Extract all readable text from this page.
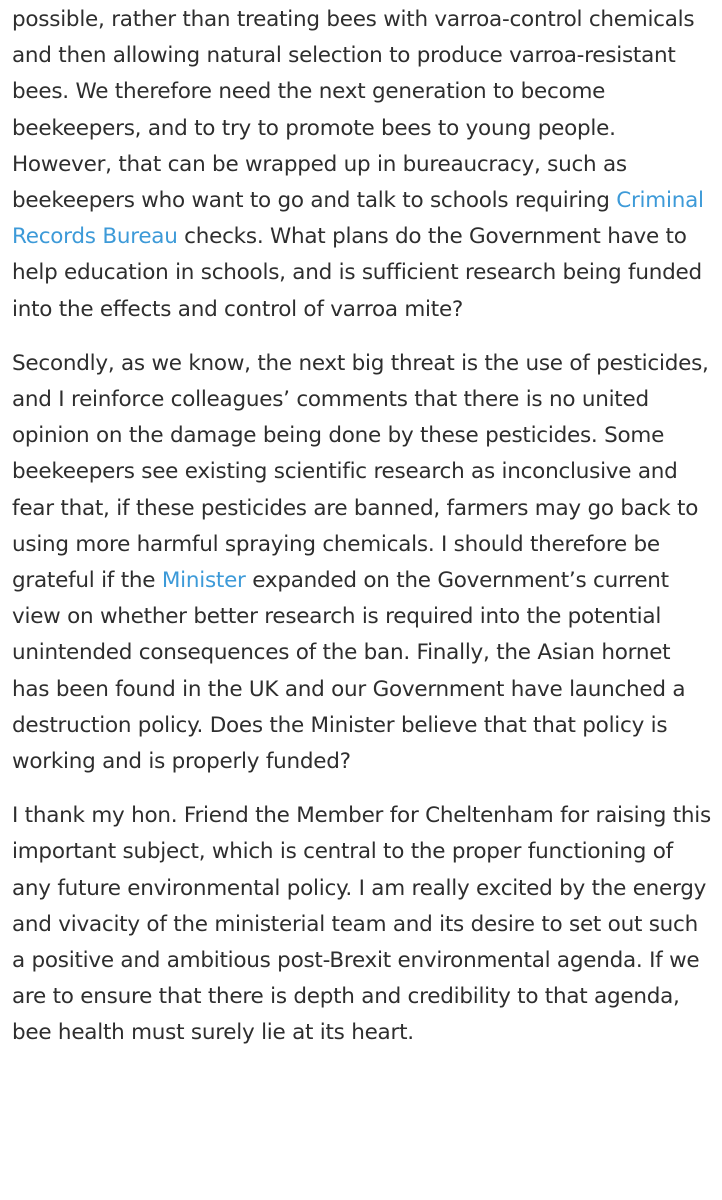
possible, rather than treating bees with varroa-control chemicals and then allowing natural selection to produce varroa-resistant bees. We therefore need the next generation to become beekeepers, and to try to promote bees to young people. However, that can be wrapped up in bureaucracy, such as beekeepers who want to go and talk to schools requiring Criminal Records Bureau checks. What plans do the Government have to help education in schools, and is sufficient research being funded into the effects and control of varroa mite?

Secondly, as we know, the next big threat is the use of pesticides, and I reinforce colleagues’ comments that there is no united opinion on the damage being done by these pesticides. Some beekeepers see existing scientific research as inconclusive and fear that, if these pesticides are banned, farmers may go back to using more harmful spraying chemicals. I should therefore be grateful if the Minister expanded on the Government’s current view on whether better research is required into the potential unintended consequences of the ban. Finally, the Asian hornet has been found in the UK and our Government have launched a destruction policy. Does the Minister believe that that policy is working and is properly funded?

I thank my hon. Friend the Member for Cheltenham for raising this important subject, which is central to the proper functioning of any future environmental policy. I am really excited by the energy and vivacity of the ministerial team and its desire to set out such a positive and ambitious post-Brexit environmental agenda. If we are to ensure that there is depth and credibility to that agenda, bee health must surely lie at its heart.
